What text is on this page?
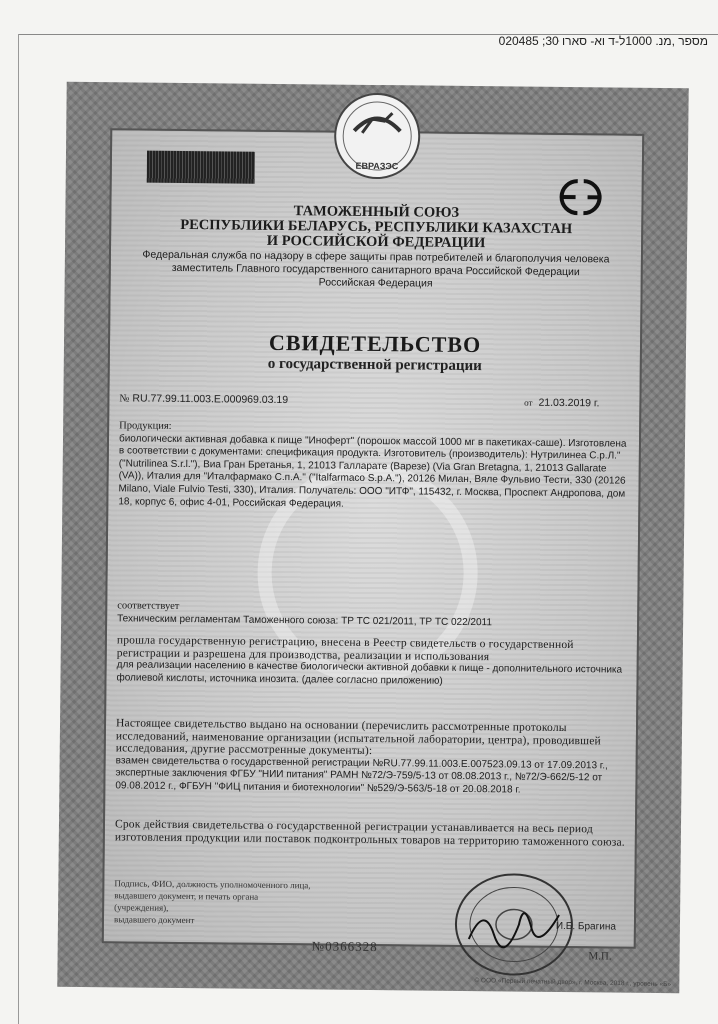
020485 ;מספר ,מנ. 1000ל-ד וא- סארו ּ30
ЕВРАЗЭС
ТАМОЖЕННЫЙ СОЮЗ
РЕСПУБЛИКИ БЕЛАРУСЬ, РЕСПУБЛИКИ КАЗАХСТАН
И РОССИЙСКОЙ ФЕДЕРАЦИИ
Федеральная служба по надзору в сфере защиты прав потребителей и благополучия человека
заместитель Главного государственного санитарного врача Российской Федерации
Российская Федерация
СВИДЕТЕЛЬСТВО
о государственной регистрации
№ RU.77.99.11.003.E.000969.03.19	от 21.03.2019 г.
Продукция:
биологически активная добавка к пище "Иноферт" (порошок массой 1000 мг в пакетиках-саше). Изготовлена в соответствии с документами: спецификация продукта. Изготовитель (производитель): Нутрилинеа С.р.Л." ("Nutrilinea S.r.l."), Виа Гран Бретанья, 1, 21013 Галларате (Варезе) (Via Gran Bretagna, 1, 21013 Gallarate (VA)), Италия для "Италфармако С.п.А." ("Italfarmaco S.p.A."), 20126 Милан, Вяле Фульвио Тести, 330 (20126 Milano, Viale Fulvio Testi, 330), Италия. Получатель: ООО "ИТФ", 115432, г. Москва, Проспект Андропова, дом 18, корпус 6, офис 4-01, Российская Федерация.
соответствует
Техническим регламентам Таможенного союза: ТР ТС 021/2011, ТР ТС 022/2011
прошла государственную регистрацию, внесена в Реестр свидетельств о государственной регистрации и разрешена для производства, реализации и использования
для реализации населению в качестве биологически активной добавки к пище - дополнительного источника фолиевой кислоты, источника инозита. (далее согласно приложению)
Настоящее свидетельство выдано на основании (перечислить рассмотренные протоколы исследований, наименование организации (испытательной лаборатории, центра), проводившей исследования, другие рассмотренные документы):
взамен свидетельства о государственной регистрации №RU.77.99.11.003.E.007523.09.13 от 17.09.2013 г., экспертные заключения ФГБУ "НИИ питания" РАМН №72/Э-759/5-13 от 08.08.2013 г., №72/Э-662/5-12 от 09.08.2012 г., ФГБУН "ФИЦ питания и биотехнологии" №529/Э-563/5-18 от 20.08.2018 г.
Срок действия свидетельства о государственной регистрации устанавливается на весь период изготовления продукции или поставок подконтрольных товаров на территорию таможенного союза.
Подпись, ФИО, должность уполномоченного лица,
выдавшего документ, и печать органа (учреждения),
выдавшего документ
И.Б. Брагина
М.П.
№0366328
© ООО «Первый печатный двор», г. Москва, 2018 г., уровень «Б»
